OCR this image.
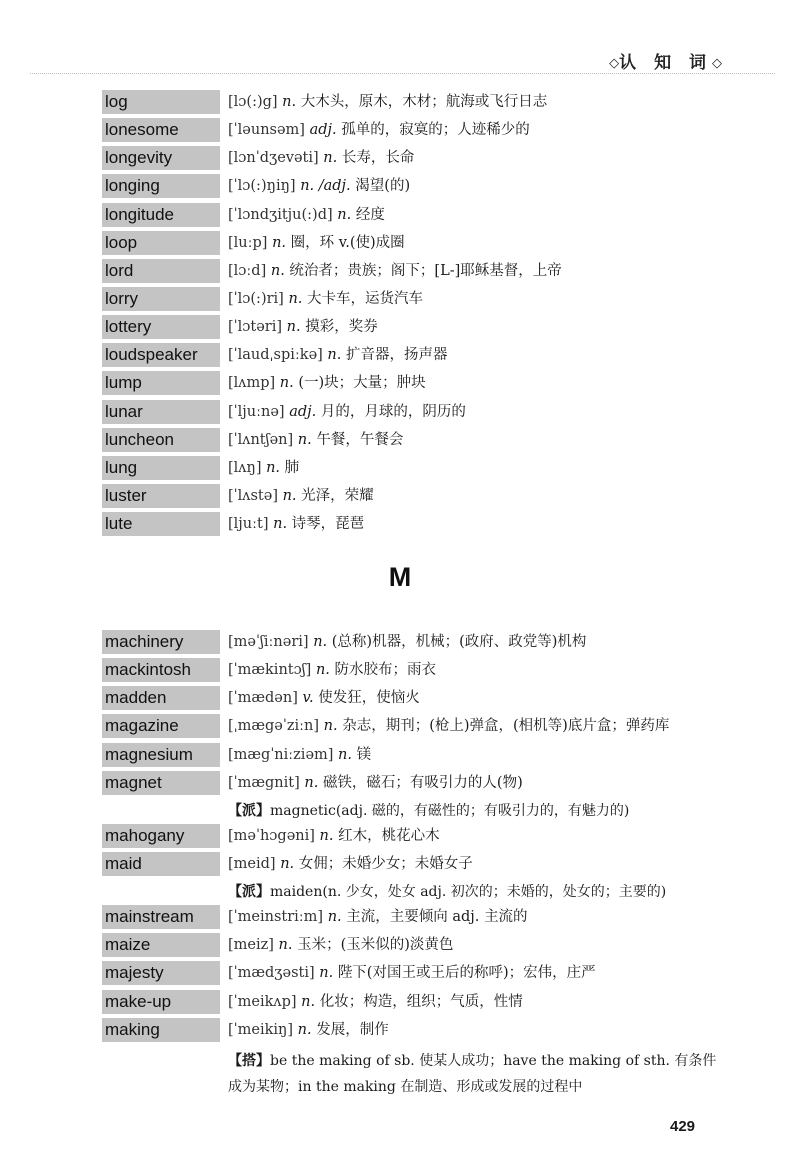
◇认 知 词◇
log	[lɔ(:)g] n. 大木头，原木，木材；航海或飞行日志
lonesome	[ˈləunsəm] adj. 孤单的，寂寞的；人迹稀少的
longevity	[lɔnˈdʒevəti] n. 长寿，长命
longing	[ˈlɔ(:)ŋiŋ] n. /adj. 渴望(的)
longitude	[ˈlɔndʒitju(:)d] n. 经度
loop	[luːp] n. 圈，环 v.(使)成圈
lord	[lɔːd] n. 统治者；贵族；阁下；[L-]耶稣基督，上帝
lorry	[ˈlɔ(:)ri] n. 大卡车，运货汽车
lottery	[ˈlɔtəri] n. 摸彩，奖券
loudspeaker	[ˈlaudˌspiːkə] n. 扩音器，扬声器
lump	[lʌmp] n. (一)块；大量；肿块
lunar	[ˈljuːnə] adj. 月的，月球的，阴历的
luncheon	[ˈlʌntʃən] n. 午餐，午餐会
lung	[lʌŋ] n. 肺
luster	[ˈlʌstə] n. 光泽，荣耀
lute	[ljuːt] n. 诗琴，琵琶
M
machinery	[məˈʃiːnəri] n. (总称)机器，机械；(政府、政党等)机构
mackintosh	[ˈmækintɔʃ] n. 防水胶布；雨衣
madden	[ˈmædən] v. 使发狂，使恼火
magazine	[ˌmægəˈziːn] n. 杂志，期刊；(枪上)弹盒，(相机等)底片盒；弹药库
magnesium	[mægˈniːziəm] n. 镁
magnet	[ˈmægnit] n. 磁铁，磁石；有吸引力的人(物)
【派】magnetic(adj. 磁的，有磁性的；有吸引力的，有魅力的)
mahogany	[məˈhɔgəni] n. 红木，桃花心木
maid	[meid] n. 女佣；未婚少女；未婚女子
【派】maiden(n. 少女，处女 adj. 初次的；未婚的，处女的；主要的)
mainstream	[ˈmeinstriːm] n. 主流，主要倾向 adj. 主流的
maize	[meiz] n. 玉米；(玉米似的)淡黄色
majesty	[ˈmædʒəsti] n. 陛下(对国王或王后的称呼)；宏伟，庄严
make-up	[ˈmeikʌp] n. 化妆；构造，组织；气质，性情
making	[ˈmeikiŋ] n. 发展，制作
【搭】be the making of sb. 使某人成功；have the making of sth. 有条件成为某物；in the making 在制造、形成或发展的过程中
429
